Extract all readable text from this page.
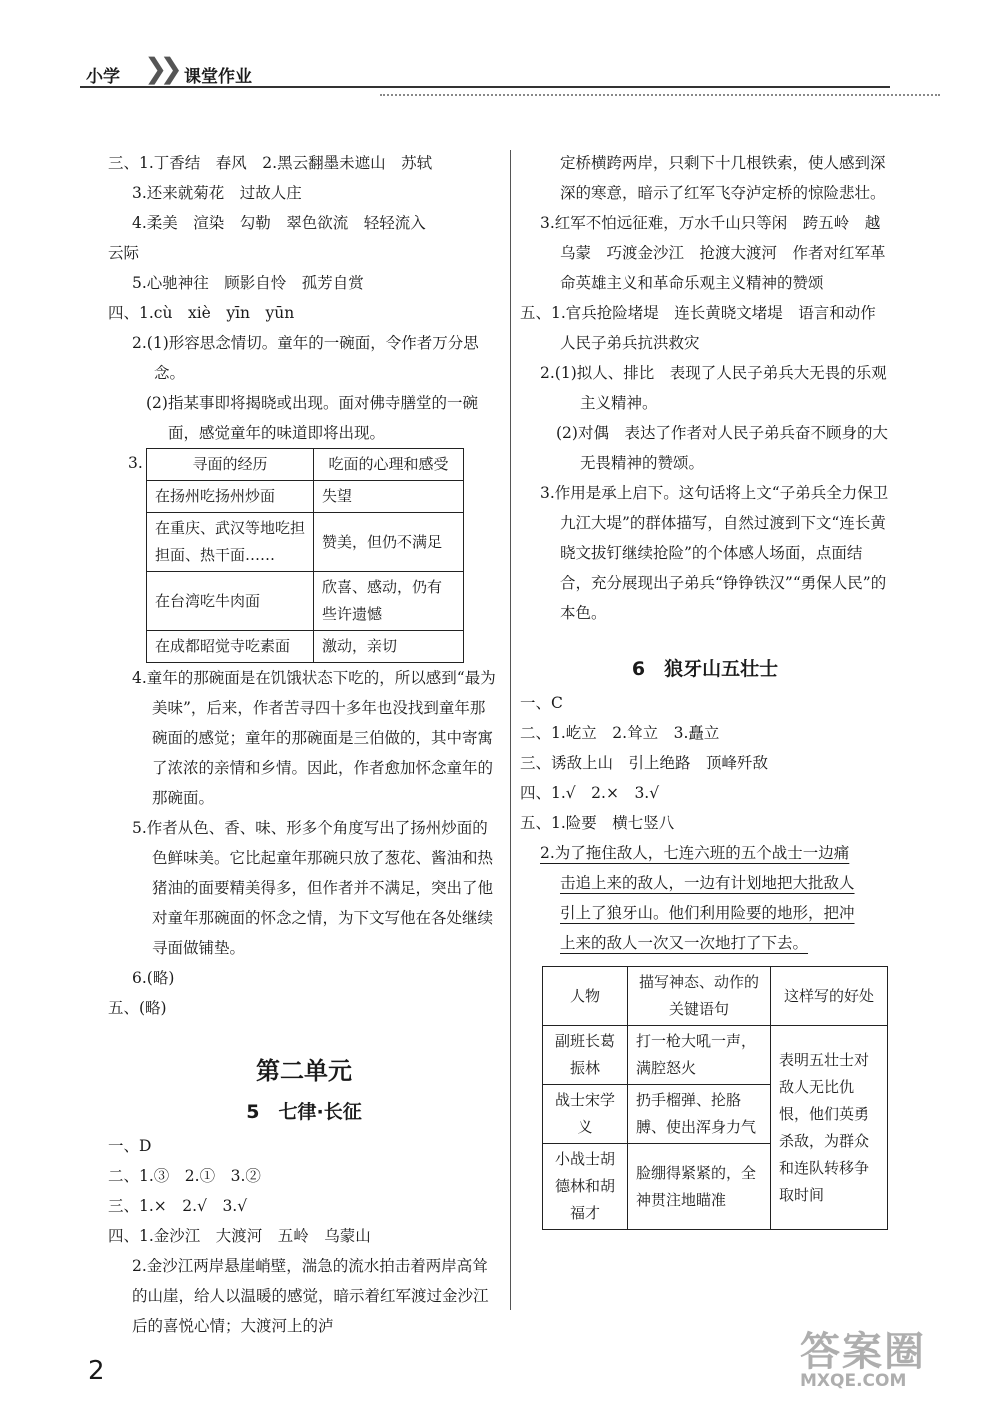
小学 ❯❯ 课堂作业
三、1.丁香结　春风　2.黑云翻墨未遮山　苏轼
3.还来就菊花　过故人庄
4.柔美　渲染　勾勒　翠色欲流　轻轻流入
云际
5.心驰神往　顾影自怜　孤芳自赏
四、1.cù　xiè　yīn　yūn
2.(1)形容思念情切。童年的一碗面，令作者万分思念。
(2)指某事即将揭晓或出现。面对佛寺膳堂的一碗面，感觉童年的味道即将出现。
3.	寻面的经历	吃面的心理和感受
在扬州吃扬州炒面	失望
在重庆、武汉等地吃担担面、热干面……	赞美，但仍不满足
在台湾吃牛肉面	欣喜、感动，仍有些许遗憾
在成都昭觉寺吃素面	激动，亲切
4.童年的那碗面是在饥饿状态下吃的，所以感到“最为美味”，后来，作者苦寻四十多年也没找到童年那碗面的感觉；童年的那碗面是三伯做的，其中寄寓了浓浓的亲情和乡情。因此，作者愈加怀念童年的那碗面。
5.作者从色、香、味、形多个角度写出了扬州炒面的色鲜味美。它比起童年那碗只放了葱花、酱油和热猪油的面要精美得多，但作者并不满足，突出了他对童年那碗面的怀念之情，为下文写他在各处继续寻面做铺垫。
6.(略)
五、(略)
第二单元
5　七律·长征
一、D
二、1.③　2.①　3.②
三、1.×　2.√　3.√
四、1.金沙江　大渡河　五岭　乌蒙山
2.金沙江两岸悬崖峭壁，湍急的流水拍击着两岸高耸的山崖，给人以温暖的感觉，暗示着红军渡过金沙江后的喜悦心情；大渡河上的泸
定桥横跨两岸，只剩下十几根铁索，使人感到深深的寒意，暗示了红军飞夺泸定桥的惊险悲壮。
3.红军不怕远征难，万水千山只等闲　跨五岭　越乌蒙　巧渡金沙江　抢渡大渡河　作者对红军革命英雄主义和革命乐观主义精神的赞颂
五、1.官兵抢险堵堤　连长黄晓文堵堤　语言和动作　人民子弟兵抗洪救灾
2.(1)拟人、排比　表现了人民子弟兵大无畏的乐观主义精神。
(2)对偶　表达了作者对人民子弟兵奋不顾身的大无畏精神的赞颂。
3.作用是承上启下。这句话将上文“子弟兵全力保卫九江大堤”的群体描写，自然过渡到下文“连长黄晓文拔钉继续抢险”的个体感人场面，点面结合，充分展现出子弟兵“铮铮铁汉”“勇保人民”的本色。
6　狼牙山五壮士
一、C
二、1.屹立　2.耸立　3.矗立
三、诱敌上山　引上绝路　顶峰歼敌
四、1.√　2.×　3.√
五、1.险要　横七竖八
2.为了拖住敌人，七连六班的五个战士一边痛
击追上来的敌人，一边有计划地把大批敌人
引上了狼牙山。他们利用险要的地形，把冲
上来的敌人一次又一次地打了下去。
人物	描写神态、动作的关键语句	这样写的好处
副班长葛振林	打一枪大吼一声，满腔怒火	表明五壮士对敌人无比仇恨，他们英勇杀敌，为群众和连队转移争取时间
战士宋学义	扔手榴弹、抡胳膊、使出浑身力气	
小战士胡德林和胡福才	脸绷得紧紧的，全神贯注地瞄准	
2	答案圈
MXQE.COM
